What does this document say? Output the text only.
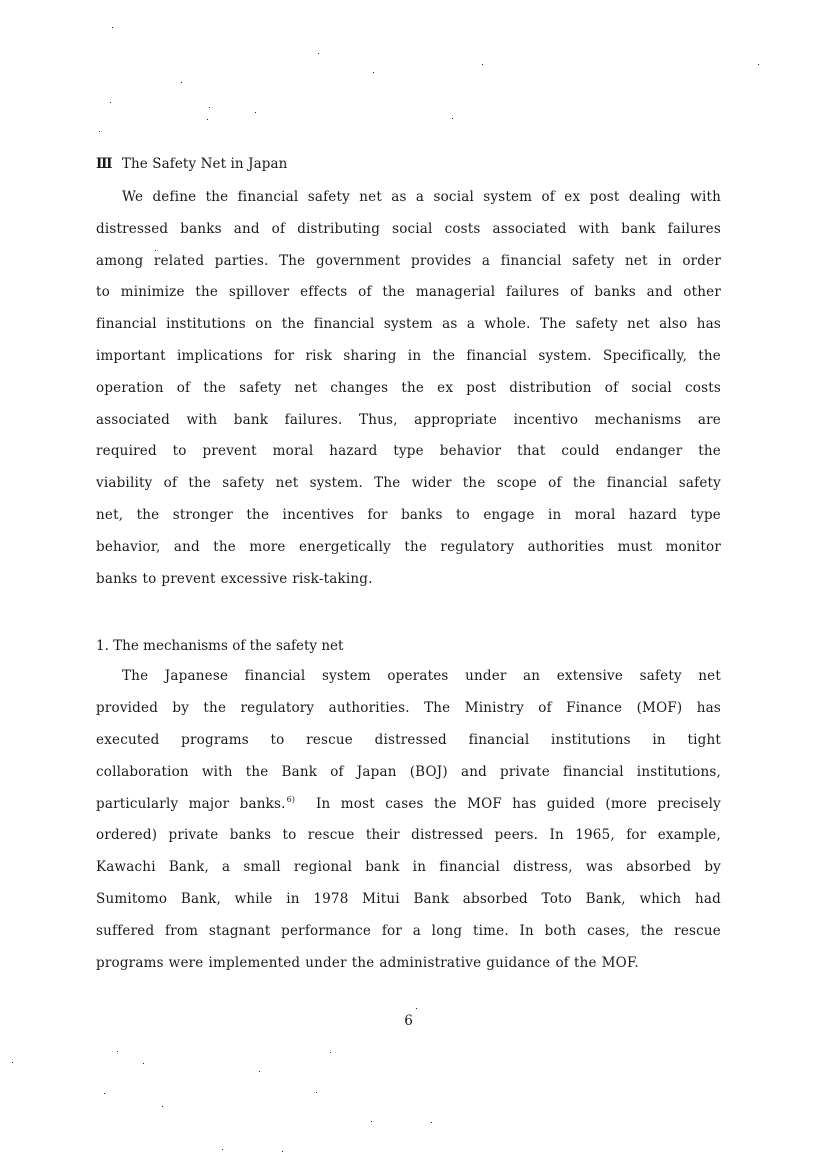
Ⅲ The Safety Net in Japan

We define the financial safety net as a social system of ex post dealing with
distressed banks and of distributing social costs associated with bank failures
among related parties. The government provides a financial safety net in order
to minimize the spillover effects of the managerial failures of banks and other
financial institutions on the financial system as a whole. The safety net also has
important implications for risk sharing in the financial system. Specifically, the
operation of the safety net changes the ex post distribution of social costs
associated with bank failures. Thus, appropriate incentivo mechanisms are
required to prevent moral hazard type behavior that could endanger the
viability of the safety net system. The wider the scope of the financial safety
net, the stronger the incentives for banks to engage in moral hazard type
behavior, and the more energetically the regulatory authorities must monitor
banks to prevent excessive risk-taking.

1. The mechanisms of the safety net

The Japanese financial system operates under an extensive safety net
provided by the regulatory authorities. The Ministry of Finance (MOF) has
executed programs to rescue distressed financial institutions in tight
collaboration with the Bank of Japan (BOJ) and private financial institutions,
particularly major banks.$^{6)}$ In most cases the MOF has guided (more precisely
ordered) private banks to rescue their distressed peers. In 1965, for example,
Kawachi Bank, a small regional bank in financial distress, was absorbed by
Sumitomo Bank, while in 1978 Mitui Bank absorbed Toto Bank, which had
suffered from stagnant performance for a long time. In both cases, the rescue
programs were implemented under the administrative guidance of the MOF.

6
